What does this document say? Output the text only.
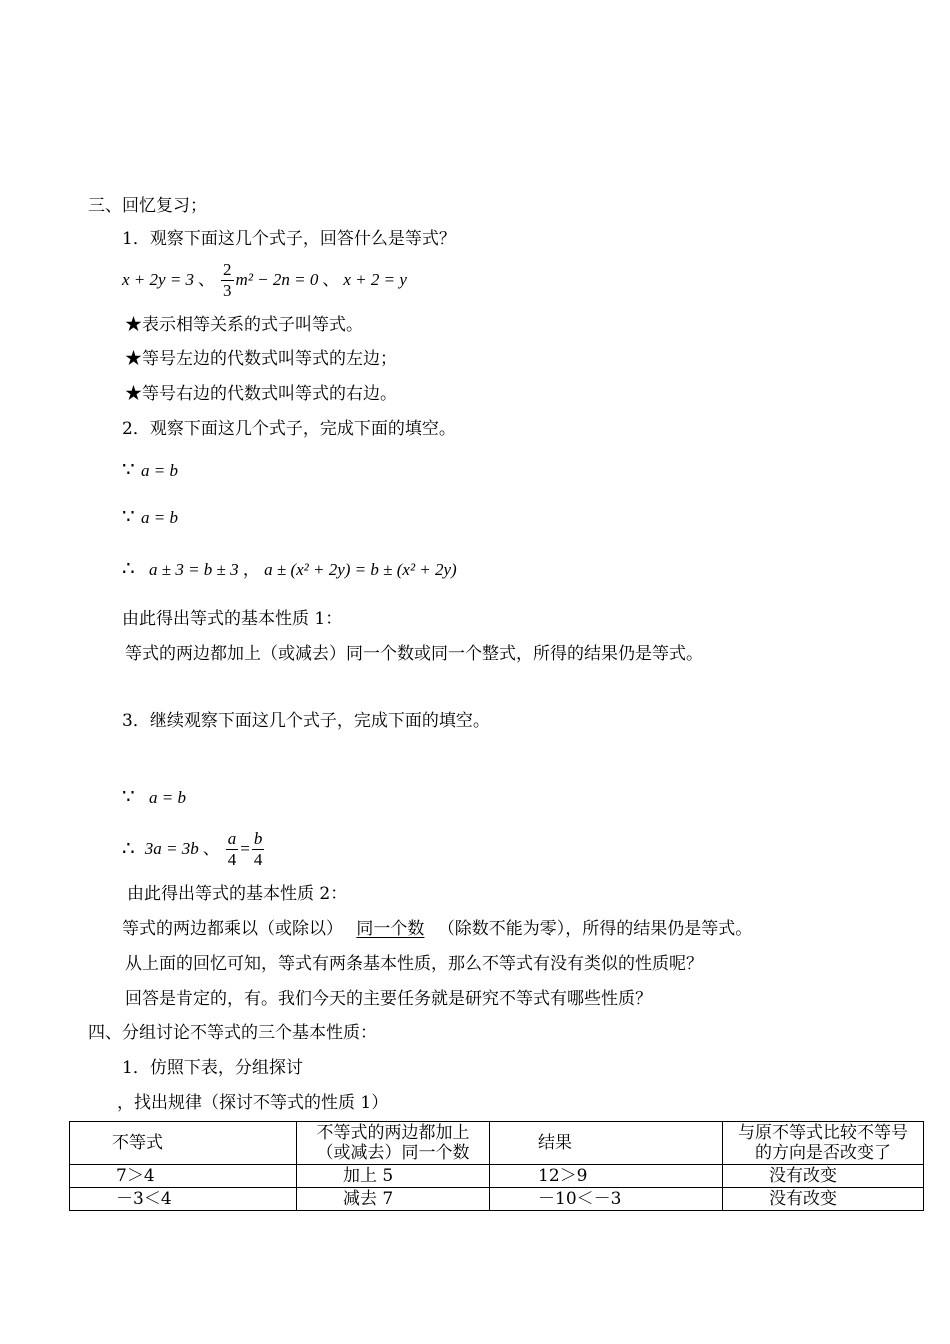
三、回忆复习；
1．观察下面这几个式子，回答什么是等式？
x + 2y = 3 、 $\frac{2}{3} m^2 - 2n = 0$ 、 x + 2 = y
★表示相等关系的式子叫等式。
★等号左边的代数式叫等式的左边；
★等号右边的代数式叫等式的右边。
2．观察下面这几个式子，完成下面的填空。
∵ a = b
∵ a = b
∴ a ± 3 = b ± 3 ， a ± (x² + 2y) = b ± (x² + 2y)
由此得出等式的基本性质 1：
等式的两边都加上（或减去）同一个数或同一个整式，所得的结果仍是等式。
3．继续观察下面这几个式子，完成下面的填空。
∵ a = b
∴ 3a = 3b 、 $\frac{a}{4} = \frac{b}{4}$
由此得出等式的基本性质 2：
等式的两边都乘以（或除以） 同一个数 （除数不能为零），所得的结果仍是等式。
从上面的回忆可知，等式有两条基本性质，那么不等式有没有类似的性质呢？
回答是肯定的，有。我们今天的主要任务就是研究不等式有哪些性质？
四、分组讨论不等式的三个基本性质：
1．仿照下表，分组探讨
，找出规律（探讨不等式的性质 1）
不等式	不等式的两边都加上（或减去）同一个数	结果	与原不等式比较不等号的方向是否改变了
7＞4	加上 5	12＞9	没有改变
－3＜4	减去 7	－10＜－3	没有改变
